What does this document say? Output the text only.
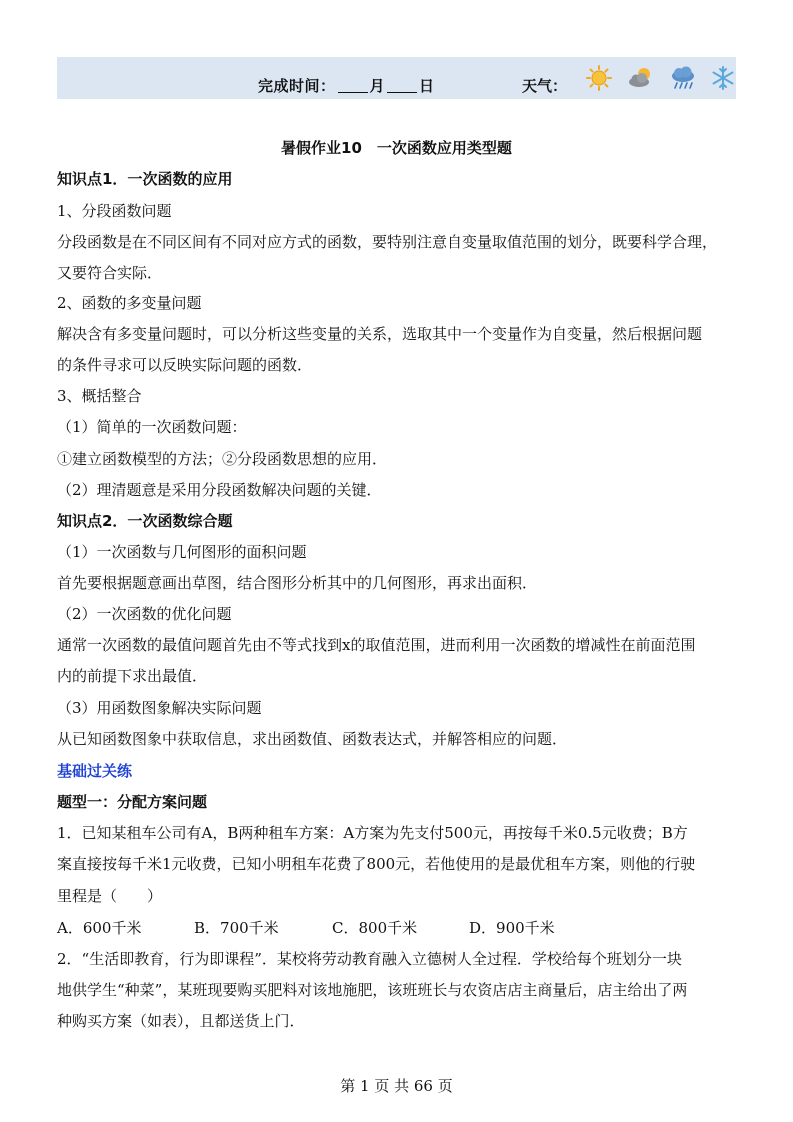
完成时间： 月 日	天气：
暑假作业10　一次函数应用类型题
知识点1．一次函数的应用
1、分段函数问题
分段函数是在不同区间有不同对应方式的函数，要特别注意自变量取值范围的划分，既要科学合理，
又要符合实际．
2、函数的多变量问题
解决含有多变量问题时，可以分析这些变量的关系，选取其中一个变量作为自变量，然后根据问题
的条件寻求可以反映实际问题的函数．
3、概括整合
（1）简单的一次函数问题：
①建立函数模型的方法；②分段函数思想的应用．
（2）理清题意是采用分段函数解决问题的关键．
知识点2．一次函数综合题
（1）一次函数与几何图形的面积问题
首先要根据题意画出草图，结合图形分析其中的几何图形，再求出面积．
（2）一次函数的优化问题
通常一次函数的最值问题首先由不等式找到x的取值范围，进而利用一次函数的增减性在前面范围
内的前提下求出最值．
（3）用函数图象解决实际问题
从已知函数图象中获取信息，求出函数值、函数表达式，并解答相应的问题．
基础过关练
题型一：分配方案问题
1．已知某租车公司有A，B两种租车方案：A方案为先支付500元，再按每千米0.5元收费；B方
案直接按每千米1元收费，已知小明租车花费了800元，若他使用的是最优租车方案，则他的行驶
里程是（　　）
A．600千米	B．700千米	C．800千米	D．900千米
2．“生活即教育，行为即课程”．某校将劳动教育融入立德树人全过程．学校给每个班划分一块
地供学生“种菜”，某班现要购买肥料对该地施肥，该班班长与农资店店主商量后，店主给出了两
种购买方案（如表），且都送货上门．
第 1 页 共 66 页
